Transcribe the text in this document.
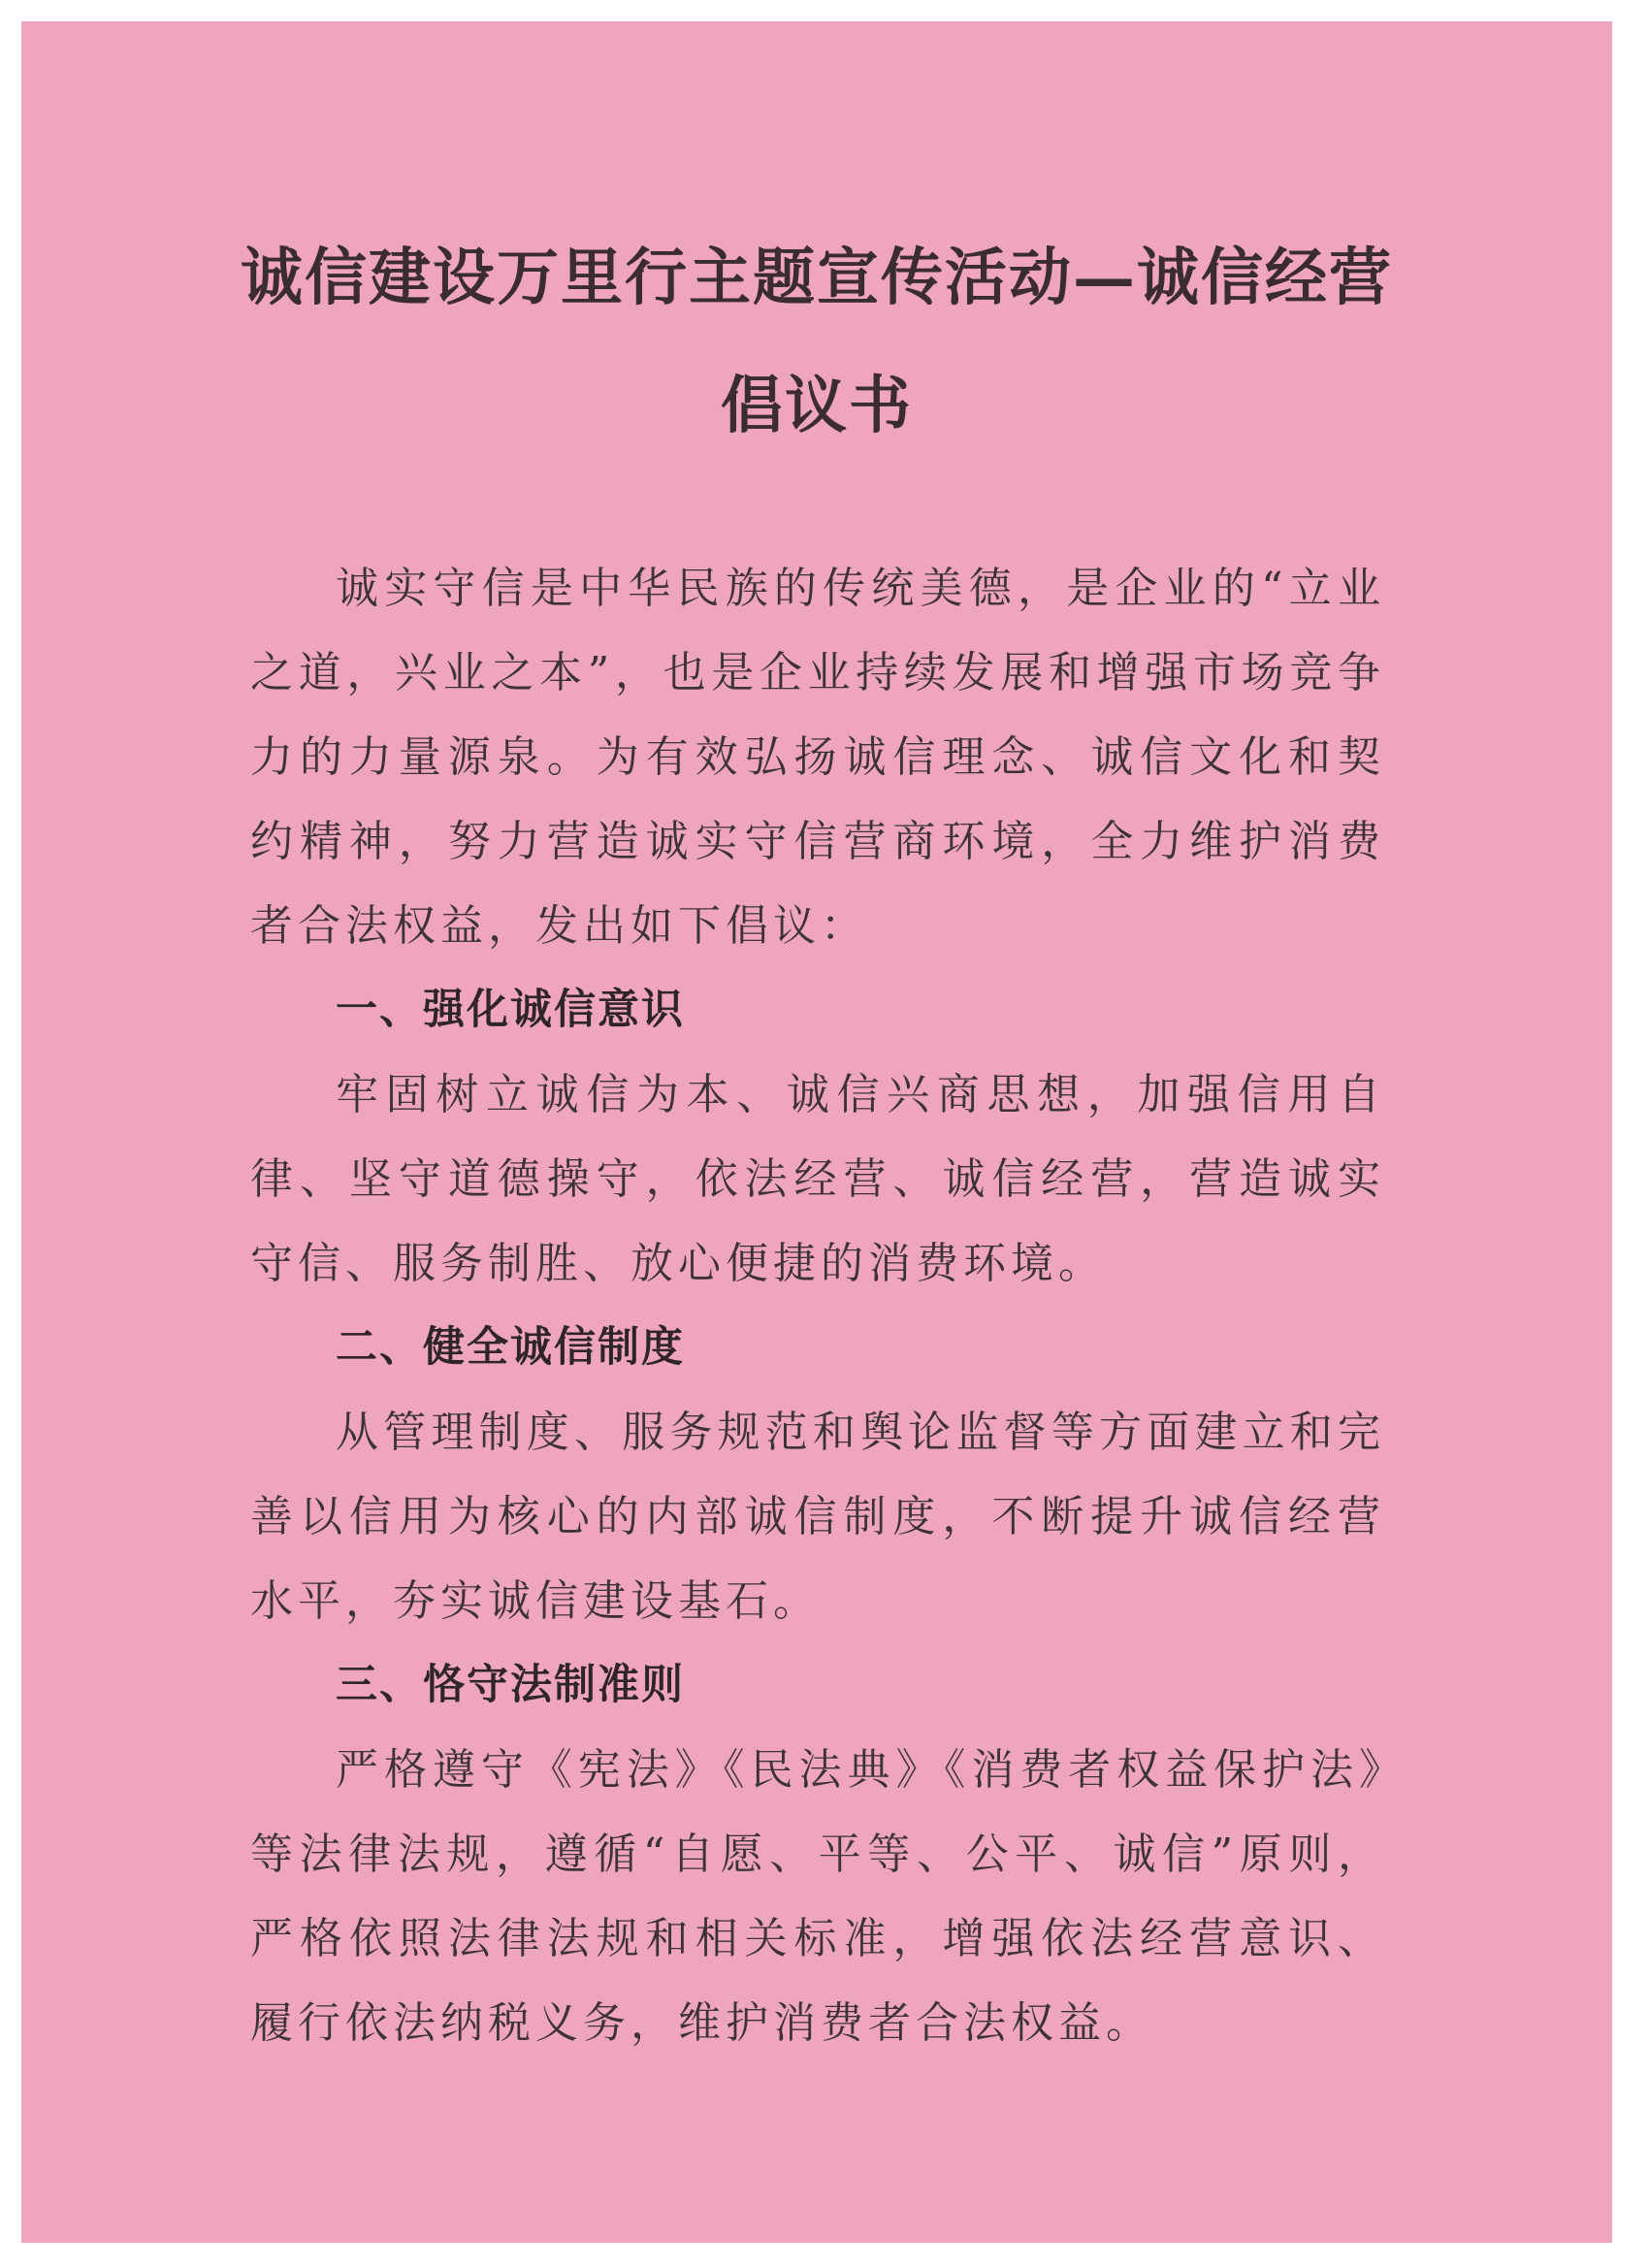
诚信建设万里行主题宣传活动—诚信经营
倡议书

诚实守信是中华民族的传统美德，是企业的“立业之道，兴业之本”，也是企业持续发展和增强市场竞争力的力量源泉。为有效弘扬诚信理念、诚信文化和契约精神，努力营造诚实守信营商环境，全力维护消费者合法权益，发出如下倡议：

一、强化诚信意识

牢固树立诚信为本、诚信兴商思想，加强信用自律、坚守道德操守，依法经营、诚信经营，营造诚实守信、服务制胜、放心便捷的消费环境。

二、健全诚信制度

从管理制度、服务规范和舆论监督等方面建立和完善以信用为核心的内部诚信制度，不断提升诚信经营水平，夯实诚信建设基石。

三、恪守法制准则

严格遵守《宪法》《民法典》《消费者权益保护法》等法律法规，遵循“自愿、平等、公平、诚信”原则，严格依照法律法规和相关标准，增强依法经营意识、履行依法纳税义务，维护消费者合法权益。
